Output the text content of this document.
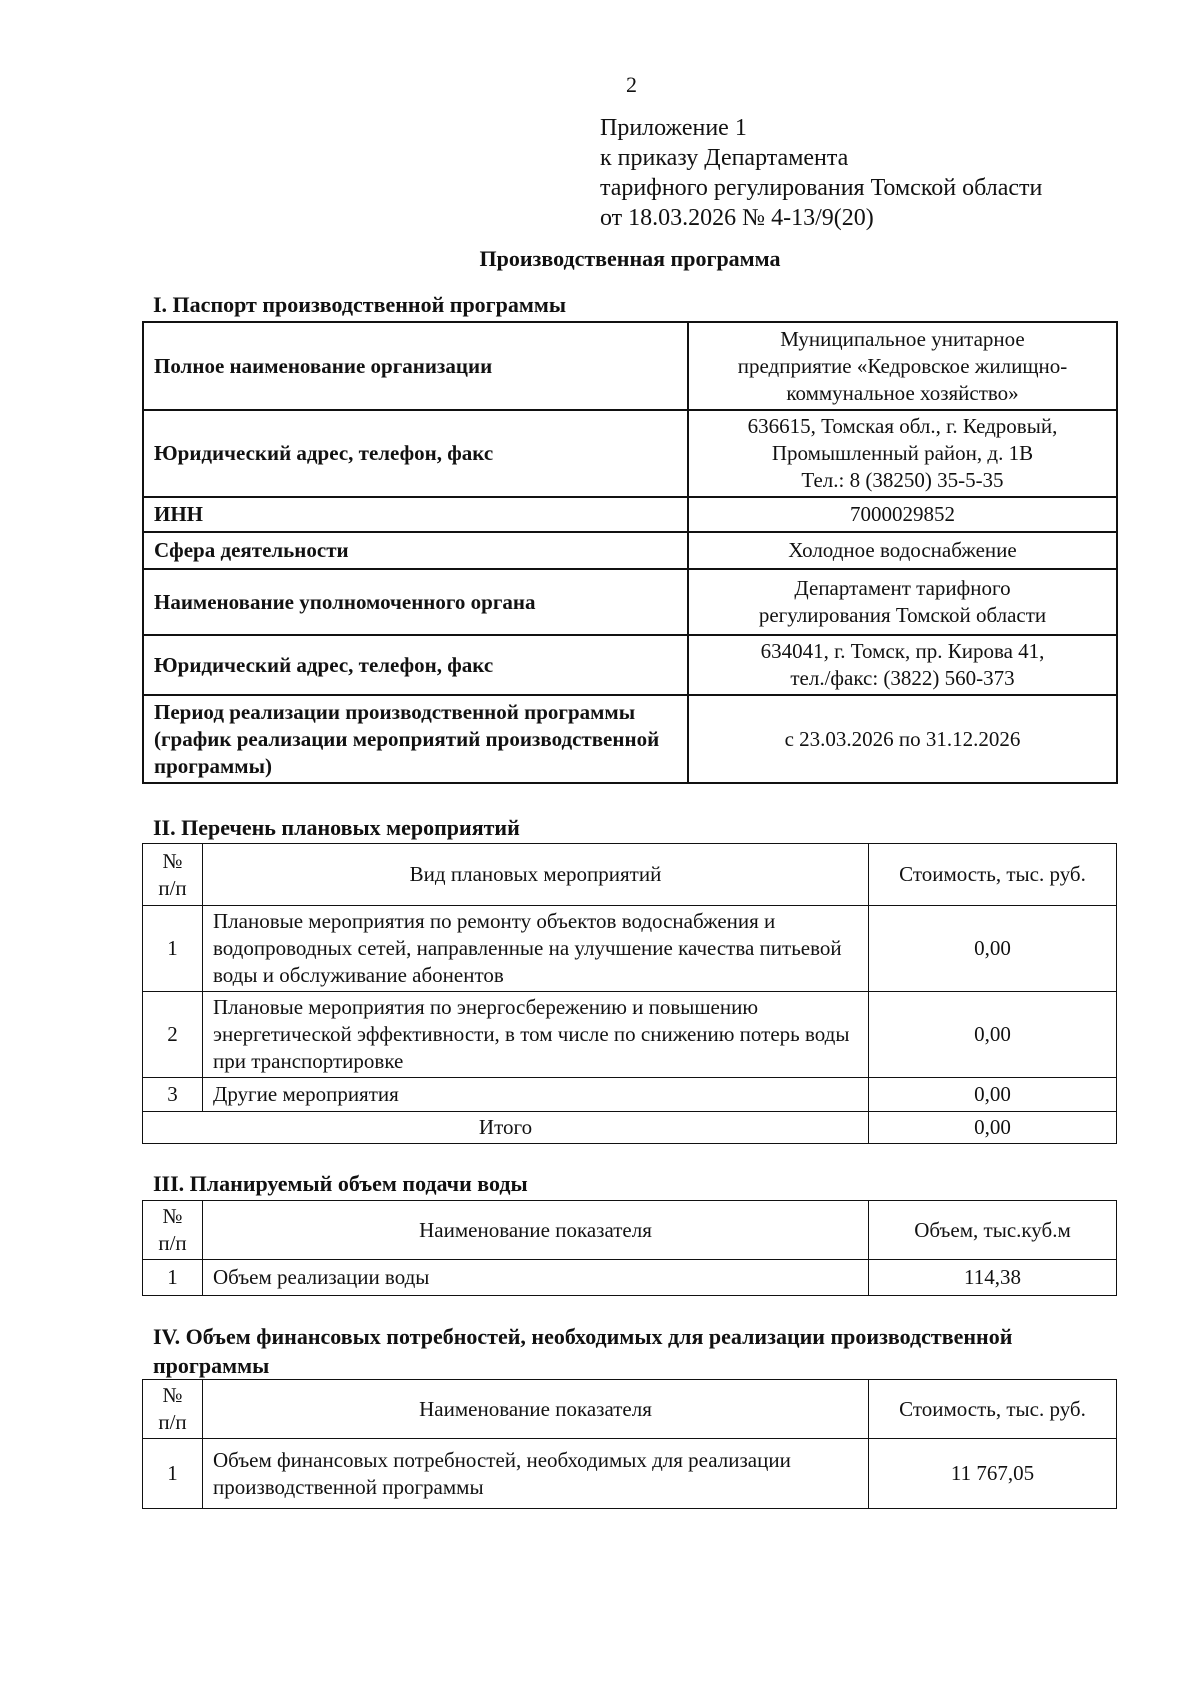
2
Приложение 1
к приказу Департамента
тарифного регулирования Томской области
от 18.03.2026 № 4-13/9(20)
Производственная программа
I. Паспорт производственной программы
Полное наименование организации	Муниципальное унитарное
предприятие «Кедровское жилищно-
коммунальное хозяйство»

Юридический адрес, телефон, факс	636615, Томская обл., г. Кедровый,
Промышленный район, д. 1В
Тел.: 8 (38250) 35-5-35

ИНН	7000029852

Сфера деятельности	Холодное водоснабжение

Наименование уполномоченного органа	Департамент тарифного
регулирования Томской области

Юридический адрес, телефон, факс	634041, г. Томск, пр. Кирова 41,
тел./факс: (3822) 560-373

Период реализации производственной программы (график реализации мероприятий производственной программы)	с 23.03.2026 по 31.12.2026
II. Перечень плановых мероприятий
№ п/п	Вид плановых мероприятий	Стоимость, тыс. руб.
1	Плановые мероприятия по ремонту объектов водоснабжения и водопроводных сетей, направленные на улучшение качества питьевой воды и обслуживание абонентов	0,00
2	Плановые мероприятия по энергосбережению и повышению энергетической эффективности, в том числе по снижению потерь воды при транспортировке	0,00
3	Другие мероприятия	0,00
Итого		0,00
III. Планируемый объем подачи воды
№ п/п	Наименование показателя	Объем, тыс.куб.м
1	Объем реализации воды	114,38
IV. Объем финансовых потребностей, необходимых для реализации производственной программы
№ п/п	Наименование показателя	Стоимость, тыс. руб.
1	Объем финансовых потребностей, необходимых для реализации производственной программы	11 767,05
